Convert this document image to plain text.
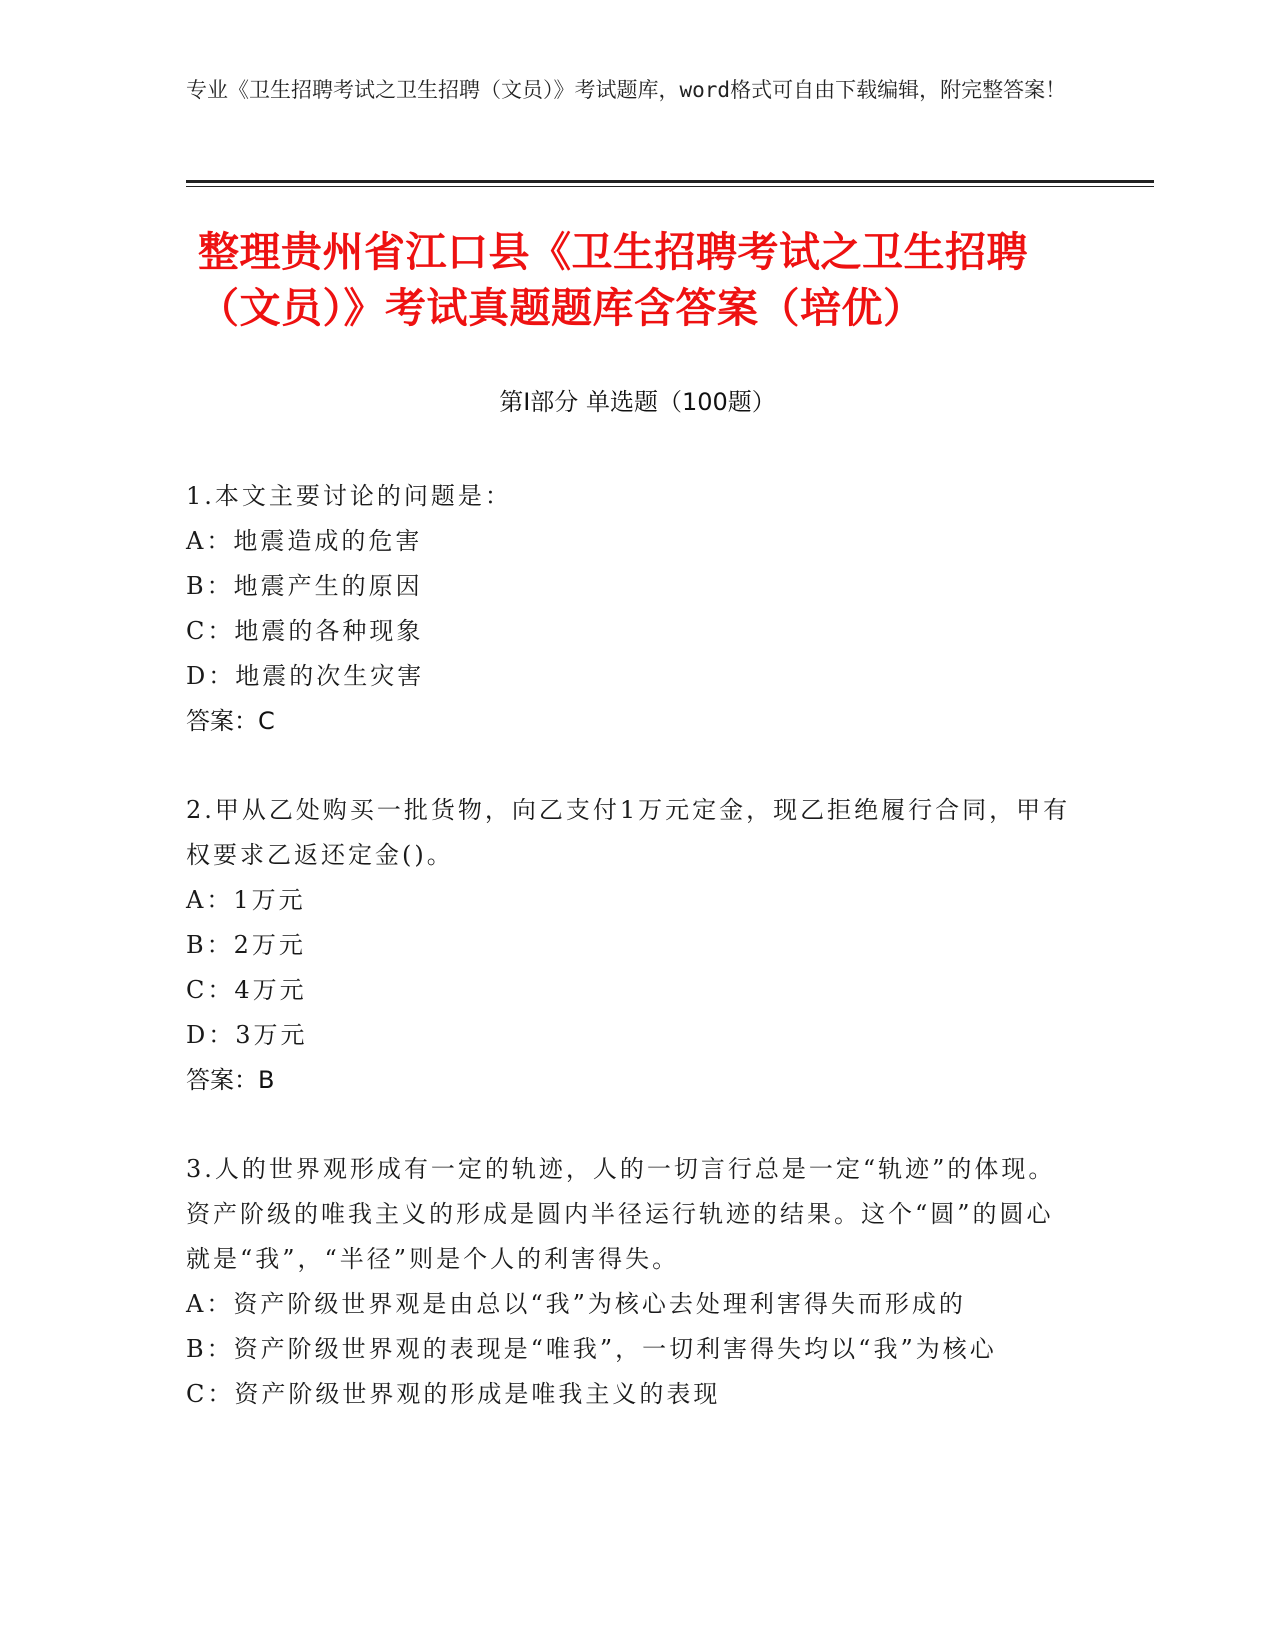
专业《卫生招聘考试之卫生招聘（文员）》考试题库，word格式可自由下载编辑，附完整答案！
整理贵州省江口县《卫生招聘考试之卫生招聘（文员）》考试真题题库含答案（培优）
第Ⅰ部分 单选题（100题）
1.本文主要讨论的问题是：
A：地震造成的危害
B：地震产生的原因
C：地震的各种现象
D：地震的次生灾害
答案：C
2.甲从乙处购买一批货物，向乙支付1万元定金，现乙拒绝履行合同，甲有权要求乙返还定金()。
A：1万元
B：2万元
C：4万元
D：3万元
答案：B
3.人的世界观形成有一定的轨迹，人的一切言行总是一定“轨迹”的体现。资产阶级的唯我主义的形成是圆内半径运行轨迹的结果。这个“圆”的圆心就是“我”，“半径”则是个人的利害得失。
A：资产阶级世界观是由总以“我”为核心去处理利害得失而形成的
B：资产阶级世界观的表现是“唯我”，一切利害得失均以“我”为核心
C：资产阶级世界观的形成是唯我主义的表现
